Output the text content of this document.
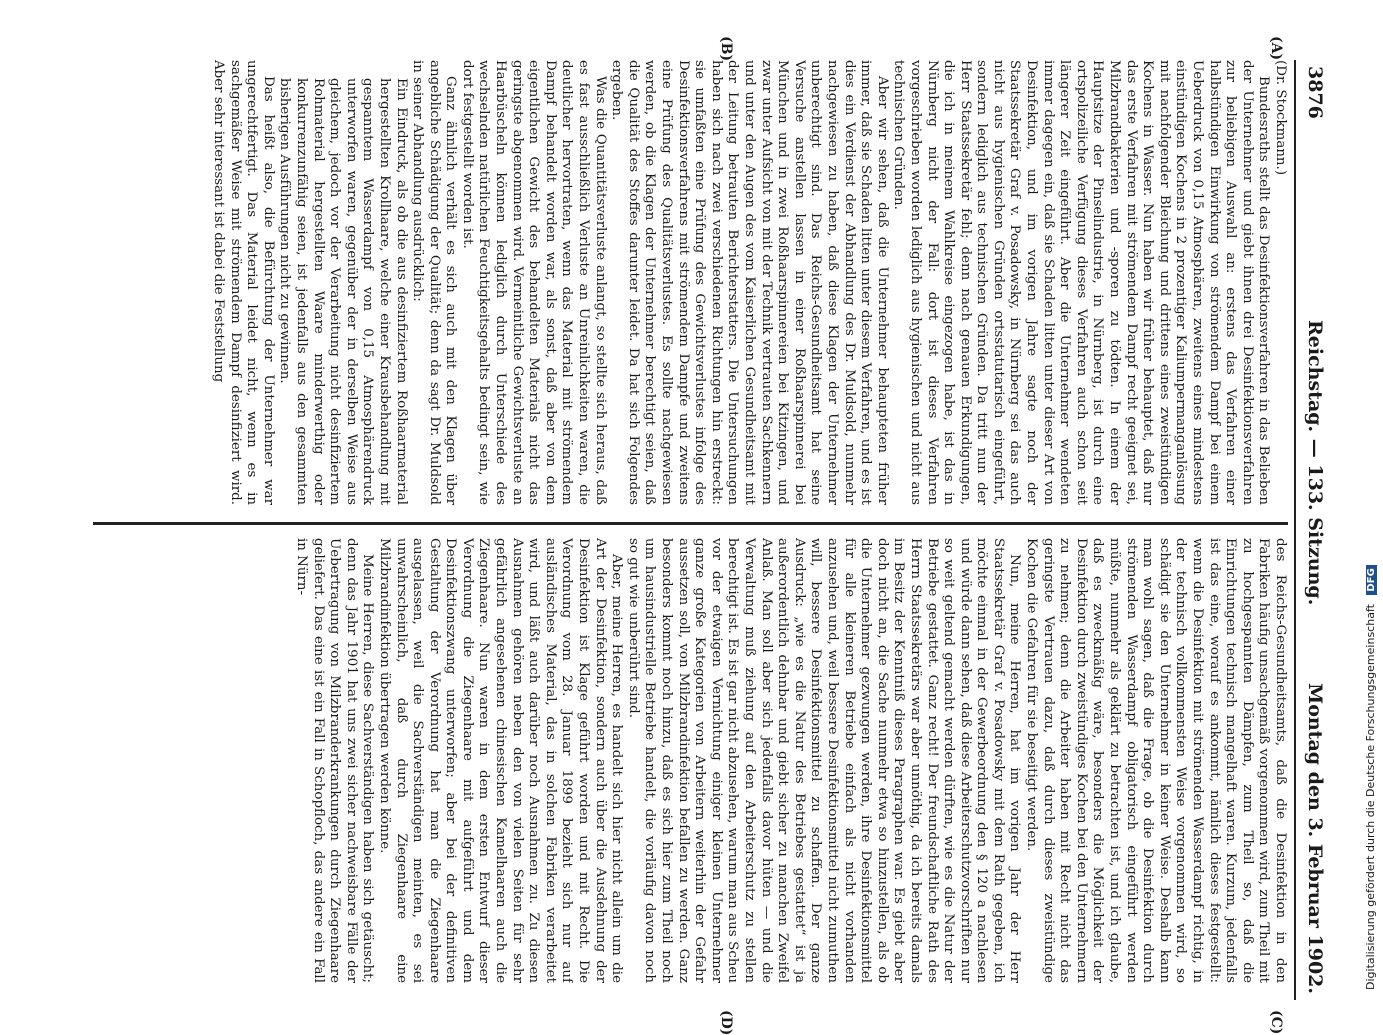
3876
Reichstag. — 133. Sitzung.
Montag den 3. Februar 1902.
(A)
(B)
(C)
(D)

(Dr. Stockmann.)

Bundesraths stellt das Desinfektionsverfahren in das Belieben der Unternehmer und giebt ihnen drei Desinfektionsverfahren zur beliebigen Auswahl an: erstens das Verfahren einer halbstündigen Einwirkung von strömendem Dampf bei einem Ueberdruck von 0,15 Atmosphären, zweitens eines mindestens einstündigen Kochens in 2 prozentiger Kaliumpermanganlösung mit nachfolgender Bleichung und drittens eines zweistündigen Kochens in Wasser. Nun haben wir früher behauptet, daß nur das erste Verfahren mit strömendem Dampf recht geeignet sei, Milzbrandbakterien und -sporen zu tödten. In einem der Hauptsitze der Pinselindustrie, in Nürnberg, ist durch eine ortspolizeiliche Verfügung dieses Verfahren auch schon seit längerer Zeit eingeführt. Aber die Unternehmer wendeten immer dagegen ein, daß sie Schaden litten unter dieser Art von Desinfektion, und im vorigen Jahre sagte noch der Staatssekretär Graf v. Posadowsky, in Nürnberg sei das auch nicht aus hygienischen Gründen ortsstatutarisch eingeführt, sondern lediglich aus technischen Gründen. Da tritt nun der Herr Staatssekretär fehl; denn nach genauen Erkundigungen, die ich in meinem Wahlkreise eingezogen habe, ist das in Nürnberg nicht der Fall: dort ist dieses Verfahren vorgeschrieben worden lediglich aus hygienischen und nicht aus technischen Gründen.

Aber wir sehen, daß die Unternehmer behaupteten früher immer, daß sie Schaden litten unter diesem Verfahren, und es ist dies ein Verdienst der Abhandlung des Dr. Muldsold, nunmehr nachgewiesen zu haben, daß diese Klagen der Unternehmer unberechtigt sind. Das Reichs-Gesundheitsamt hat seine Versuche anstellen lassen in einer Roßhaarspinnerei bei München und in zwei Roßhaarspinnereien bei Kitzingen, und zwar unter Aufsicht von mit der Technik vertrauten Sachkennern und unter den Augen des vom Kaiserlichen Gesundheitsamt mit der Leitung betrauten Berichterstatters. Die Untersuchungen haben sich nach zwei verschiedenen Richtungen hin erstreckt: sie umfaßten eine Prüfung des Gewichtsverlustes infolge des Desinfektionsverfahrens mit strömendem Dampfe und zweitens eine Prüfung des Qualitätsverlustes. Es sollte nachgewiesen werden, ob die Klagen der Unternehmer berechtigt seien, daß die Qualität des Stoffes darunter leidet. Da hat sich Folgendes ergeben.

Was die Quantitätsverluste anlangt, so stellte sich heraus, daß es fast ausschließlich Verluste an Unreinlichkeiten waren, die deutlicher hervortraten, wenn das Material mit strömendem Dampf behandelt worden war, als sonst, daß aber von dem eigentlichen Gewicht des behandelten Materials nicht das geringste abgenommen wird. Vermeintliche Gewichtsverluste an Haarbüscheln können lediglich durch Unterschiede des wechselnden natürlichen Feuchtigkeitsgehalts bedingt sein, wie dort festgestellt worden ist.

Ganz ähnlich verhält es sich auch mit den Klagen über angebliche Schädigung der Qualität; denn da sagt Dr. Muldsold in seiner Abhandlung ausdrücklich:

Ein Eindruck, als ob die aus desinfiziertem Roßhaarmaterial hergestellten Krollhaare, welche einer Krausbehandlung mit gespanntem Wasserdampf von 0,15 Atmosphärendruck unterworfen waren, gegenüber der in derselben Weise aus gleichem, jedoch vor der Verarbeitung nicht desinfiziertem Rohmaterial hergestellten Waare minderwerthig oder konkurrenzunfähig seien, ist jedenfalls aus den gesammten bisherigen Ausführungen nicht zu gewinnen.

Das heißt also, die Befürchtung der Unternehmer war ungerechtfertigt. Das Material leidet nicht, wenn es in sachgemäßer Weise mit strömendem Dampf desinfiziert wird. Aber sehr interessant ist dabei die Feststellung

des Reichs-Gesundheitsamts, daß die Desinfektion in den Fabriken häufig unsachgemäß vorgenommen wird, zum Theil mit zu hochgespannten Dämpfen, zum Theil so, daß die Einrichtungen technisch mangelhaft waren. Kurzum, jedenfalls ist das eine, worauf es ankommt, nämlich dieses festgestellt: wenn die Desinfektion mit strömenden Wasserdampf richtig, in der technisch vollkommensten Weise vorgenommen wird, so schädigt sie den Unternehmer in keiner Weise. Deshalb kann man wohl sagen, daß die Frage, ob die Desinfektion durch strömenden Wasserdampf obligatorisch eingeführt werden müßte, nunmehr als geklärt zu betrachten ist, und ich glaube, daß es zweckmäßig wäre, besonders die Möglichkeit der Desinfektion durch zweistündiges Kochen bei den Unternehmern zu nehmen; denn die Arbeiter haben mit Recht nicht das geringste Vertrauen dazu, daß durch dieses zweistündige Kochen die Gefahren für sie beseitigt werden.

Nun, meine Herren, hat im vorigen Jahr der Herr Staatssekretär Graf v. Posadowsky mit dem Rath gegeben, ich möchte einmal in der Gewerbeordnung den § 120 a nachlesen und würde dann sehen, daß diese Arbeiterschutzvorschriften nur so weit geltend gemacht werden dürften, wie es die Natur der Betriebe gestattet. Ganz recht! Der freundschaftliche Rath des Herrn Staatssekretärs war aber unnöthig, da ich bereits damals im Besitz der Kenntniß dieses Paragraphen war. Es giebt aber doch nicht an, die Sache nunmehr etwa so hinzustellen, als ob die Unternehmer gezwungen werden, ihre Desinfektionsmittel für alle kleineren Betriebe einfach als nicht vorhanden anzusehen und, weil bessere Desinfektionsmittel nicht zumuthen will, bessere Desinfektionsmittel zu schaffen. Der ganze Ausdruck: „wie es die Natur des Betriebes gestattet“ ist ja außerordentlich dehnbar und giebt sicher zu manchen Zweifel Anlaß. Man soll aber sich jedenfalls davor hüten — und die Verwaltung muß ziehung auf den Arbeiterschutz zu stellen berechtigt ist. Es ist gar nicht abzusehen, warum man aus Scheu vor der etwaigen Vernichtung einiger kleinen Unternehmer ganze große Kategorien von Arbeitern weiterhin der Gefahr aussetzen soll, von Milzbrandinfektion befallen zu werden. Ganz besonders kommt noch hinzu, daß es sich hier zum Theil noch um hausindustrielle Betriebe handelt, die vorläufig davon noch so gut wie unberührt sind.

Aber, meine Herren, es handelt sich hier nicht allein um die Art der Desinfektion, sondern auch über die Ausdehnung der Desinfektion ist Klage geführt worden und mit Recht. Die Verordnung vom 28. Januar 1899 bezieht sich nur auf ausländisches Material, das in solchen Fabriken verarbeitet wird, und läßt auch darüber noch Ausnahmen zu. Zu diesen Ausnahmen gehören neben den von vielen Seiten für sehr gefährlich angesehenen chinesischen Kamelhaaren auch die Ziegenhaare. Nun waren in dem ersten Entwurf dieser Verordnung die Ziegenhaare mit aufgeführt und dem Desinfektionszwang unterworfen; aber bei der definitiven Gestaltung der Verordnung hat man die Ziegenhaare ausgelassen, weil die Sachverständigen meinten, es sei unwahrscheinlich, daß durch Ziegenhaare eine Milzbrandinfektion übertragen werden könne.

Meine Herren, diese Sachverständigen haben sich getäuscht; denn das Jahr 1901 hat uns zwei sicher nachweisbare Fälle der Uebertragung von Milzbranderkrankungen durch Ziegenhaare geliefert. Das eine ist ein Fall in Schopfloch, das andere ein Fall in Nürn-

Digitalisierung gefördert durch die Deutsche Forschungsgemeinschaft DFG
